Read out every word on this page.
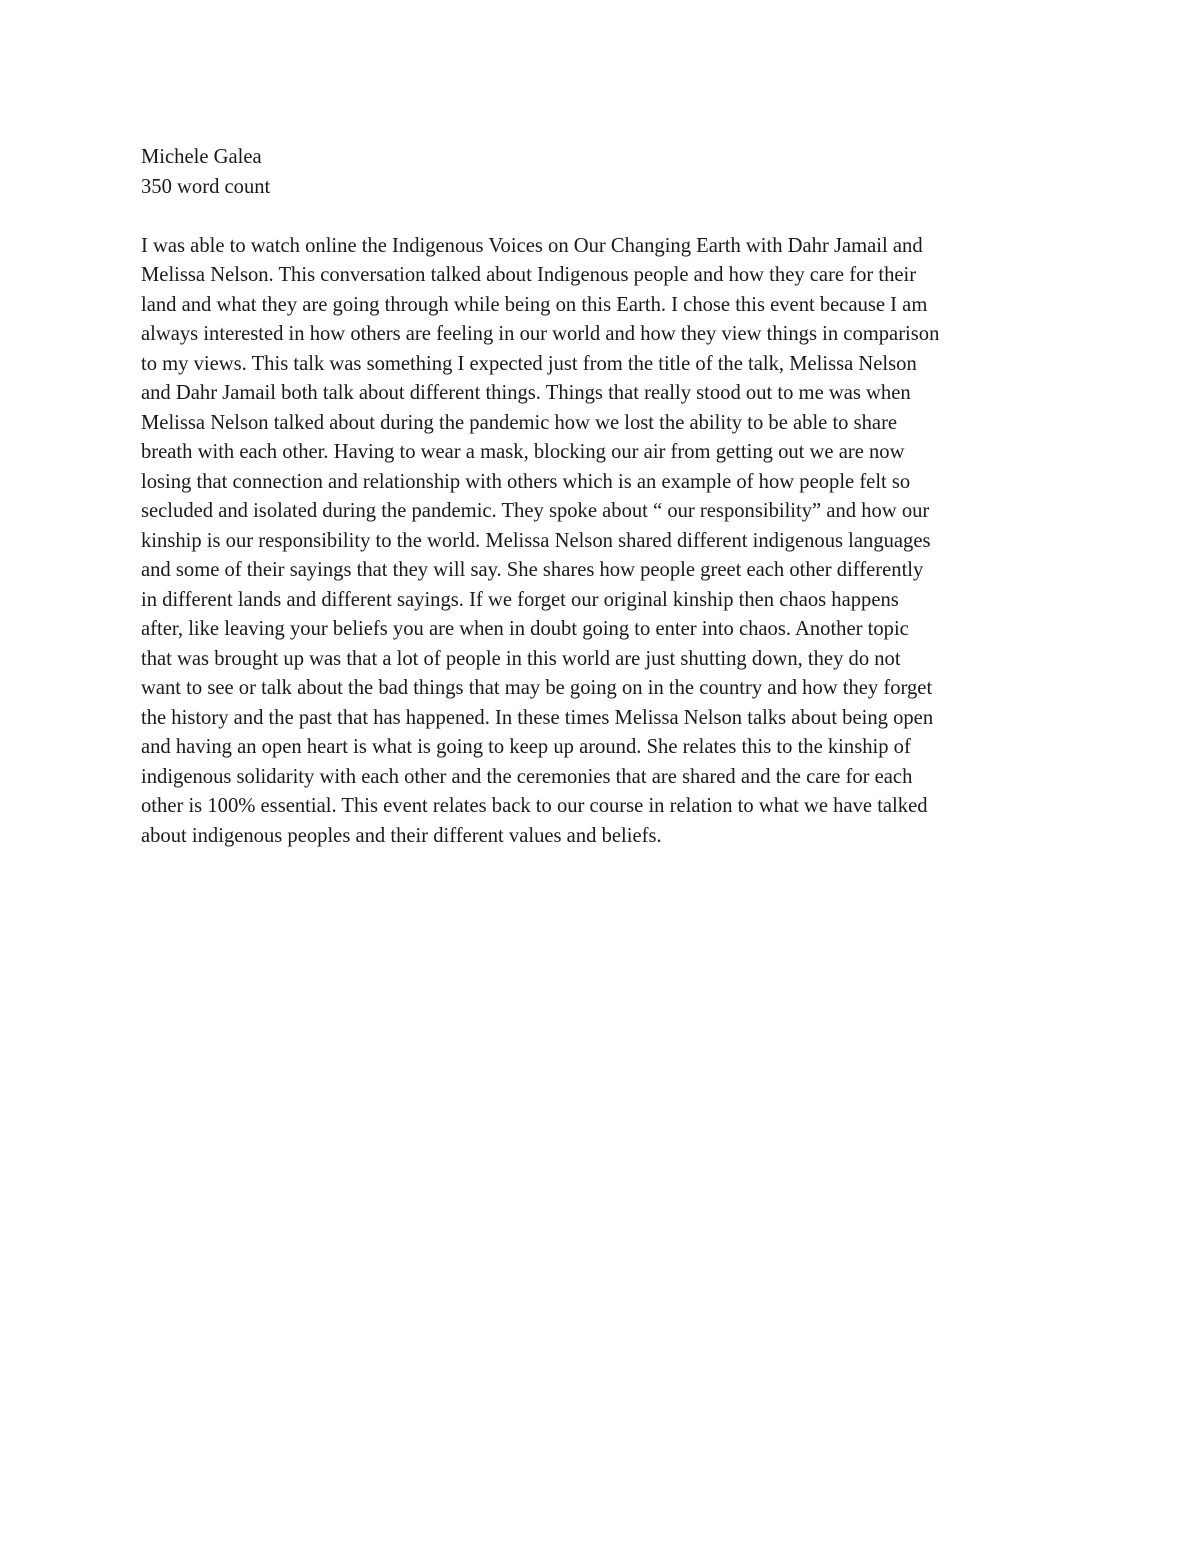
Michele Galea
350 word count
I was able to watch online the Indigenous Voices on Our Changing Earth with Dahr Jamail and
Melissa Nelson. This conversation talked about Indigenous people and how they care for their
land and what they are going through while being on this Earth. I chose this event because I am
always interested in how others are feeling in our world and how they view things in comparison
to my views. This talk was something I expected just from the title of the talk, Melissa Nelson
and Dahr Jamail both talk about different things. Things that really stood out to me was when
Melissa Nelson talked about during the pandemic how we lost the ability to be able to share
breath with each other. Having to wear a mask, blocking our air from getting out we are now
losing that connection and relationship with others which is an example of how people felt so
secluded and isolated during the pandemic. They spoke about “ our responsibility” and how our
kinship is our responsibility to the world. Melissa Nelson shared different indigenous languages
and some of their sayings that they will say. She shares how people greet each other differently
in different lands and different sayings. If we forget our original kinship then chaos happens
after, like leaving your beliefs you are when in doubt going to enter into chaos. Another topic
that was brought up was that a lot of people in this world are just shutting down, they do not
want to see or talk about the bad things that may be going on in the country and how they forget
the history and the past that has happened. In these times Melissa Nelson talks about being open
and having an open heart is what is going to keep up around. She relates this to the kinship of
indigenous solidarity with each other and the ceremonies that are shared and the care for each
other is 100% essential. This event relates back to our course in relation to what we have talked
about indigenous peoples and their different values and beliefs.
